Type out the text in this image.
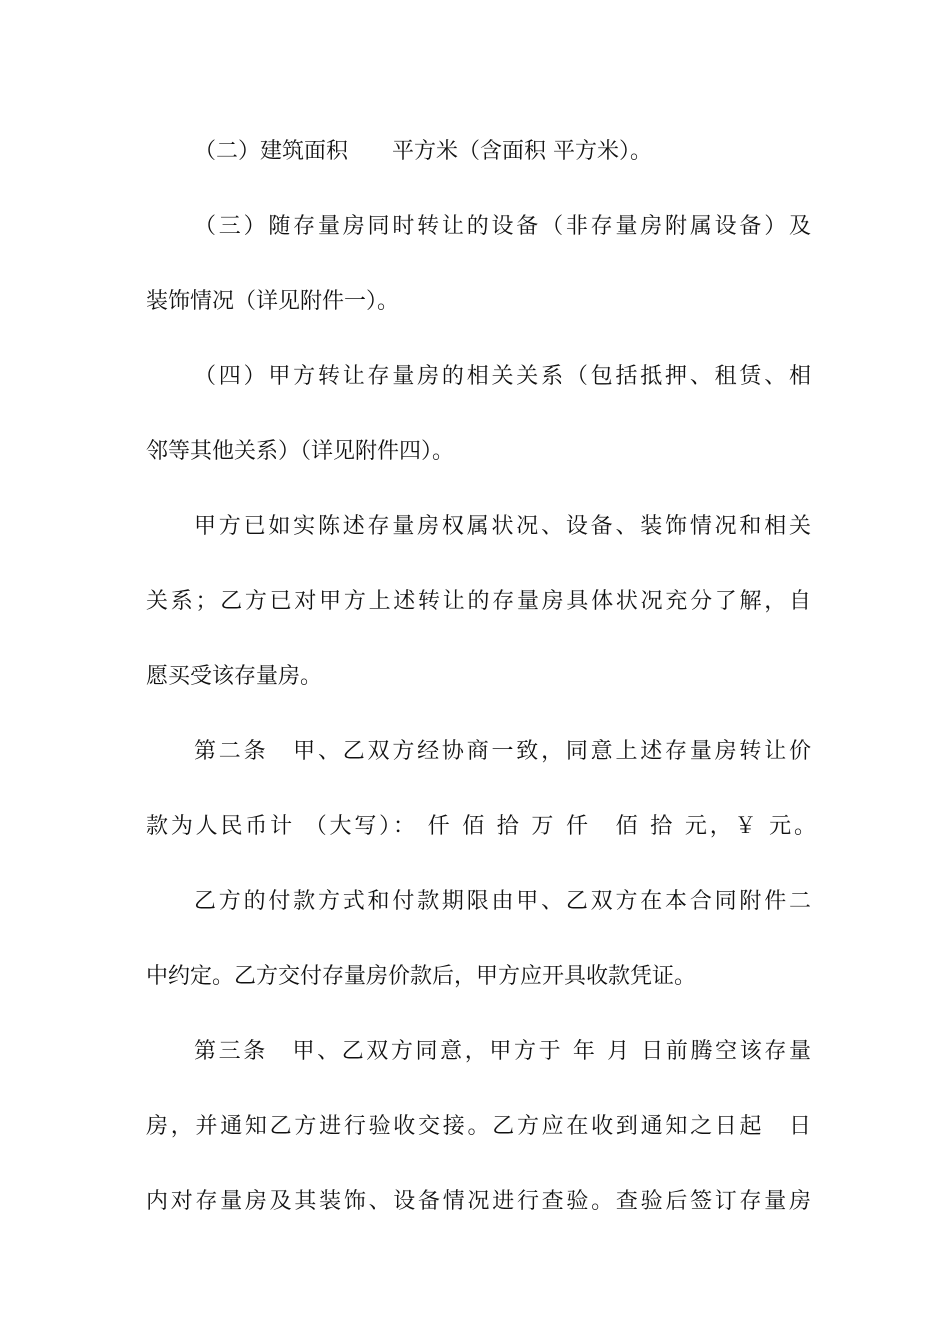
（二）建筑面积　　平方米（含面积 平方米）。
（三）随存量房同时转让的设备（非存量房附属设备）及
装饰情况（详见附件一）。
（四）甲方转让存量房的相关关系（包括抵押、租赁、相
邻等其他关系）（详见附件四）。
甲方已如实陈述存量房权属状况、设备、装饰情况和相关
关系；乙方已对甲方上述转让的存量房具体状况充分了解，自
愿买受该存量房。
第二条　甲、乙双方经协商一致，同意上述存量房转让价
款为人民币计 （大写）： 仟 佰 拾 万 仟　佰 拾 元，￥ 元。
乙方的付款方式和付款期限由甲、乙双方在本合同附件二
中约定。乙方交付存量房价款后，甲方应开具收款凭证。
第三条　甲、乙双方同意，甲方于 年 月 日前腾空该存量
房，并通知乙方进行验收交接。乙方应在收到通知之日起　日
内对存量房及其装饰、设备情况进行查验。查验后签订存量房
